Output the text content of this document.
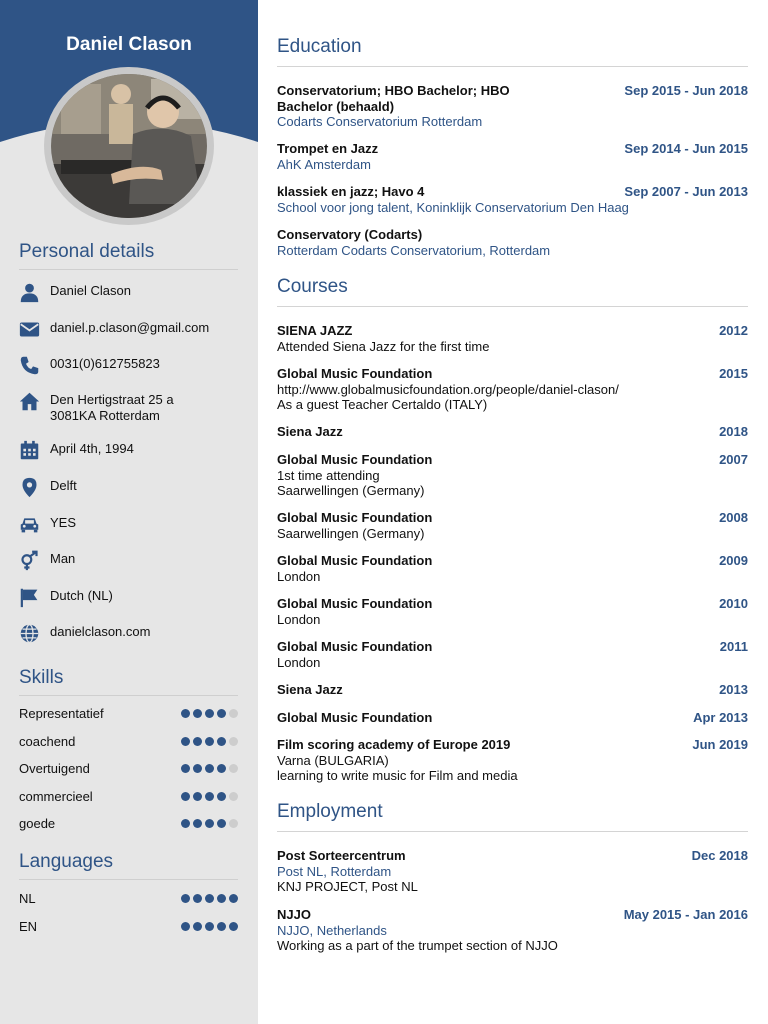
Daniel Clason
Personal details
Daniel Clason
daniel.p.clason@gmail.com
0031(0)612755823
Den Hertigstraat 25 a
3081KA Rotterdam
April 4th, 1994
Delft
YES
Man
Dutch (NL)
danielclason.com
Skills
Representatief
coachend
Overtuigend
commercieel
goede
Languages
NL
EN
Education
Conservatorium; HBO Bachelor; HBO Bachelor (behaald)
Sep 2015 - Jun 2018
Codarts Conservatorium Rotterdam
Trompet en Jazz	Sep 2014 - Jun 2015
AhK Amsterdam
klassiek en jazz; Havo 4	Sep 2007 - Jun 2013
School voor jong talent, Koninklijk Conservatorium Den Haag
Conservatory (Codarts)
Rotterdam Codarts Conservatorium, Rotterdam
Courses
SIENA JAZZ	2012
Attended Siena Jazz for the first time
Global Music Foundation	2015
http://www.globalmusicfoundation.org/people/daniel-clason/
As a guest Teacher Certaldo (ITALY)
Siena Jazz	2018
Global Music Foundation	2007
1st time attending
Saarwellingen (Germany)
Global Music Foundation	2008
Saarwellingen (Germany)
Global Music Foundation	2009
London
Global Music Foundation	2010
London
Global Music Foundation	2011
London
Siena Jazz	2013
Global Music Foundation	Apr 2013
Film scoring academy of Europe 2019	Jun 2019
Varna (BULGARIA)
learning to write music for Film and media
Employment
Post Sorteercentrum	Dec 2018
Post NL, Rotterdam
KNJ PROJECT, Post NL
NJJO	May 2015 - Jan 2016
NJJO, Netherlands
Working as a part of the trumpet section of NJJO
